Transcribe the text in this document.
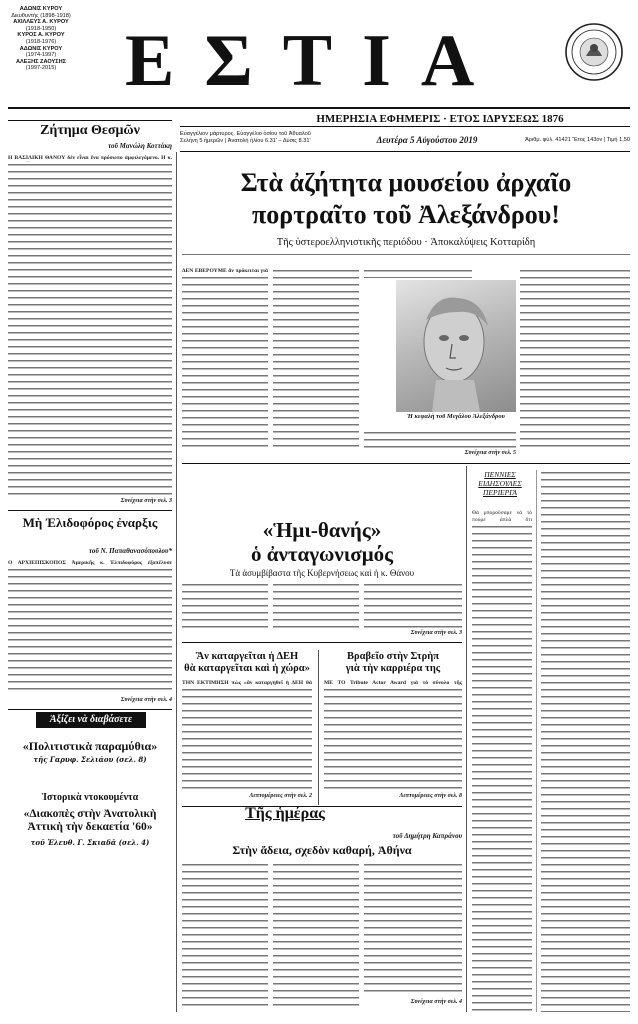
ΑΔΩΝΙΣ ΚΥΡΟΥ
Διευθυντής (1898-1918)
ΑΧΙΛΛΕΥΣ Α. ΚΥΡΟΥ
(1918-1950)
ΚΥΡΟΣ Α. ΚΥΡΟΥ
(1918-1976)
ΑΔΩΝΙΣ ΚΥΡΟΥ
(1974-1997)
ΑΛΕΞΗΣ ΖΑΟΥΣΗΣ
(1997-2015) ΕΣΤΙΑ
ΗΜΕΡΗΣΙΑ ΕΦΗΜΕΡΙΣ · ΕΤΟΣ ΙΔΡΥΣΕΩΣ 1876
Εὐαγγέλιον μάρτυρος. Εὐαγγέλιο ὁσίου τοῦ Ἀθυαλοῦ
Σελήνη 5 ἡμερῶν | Ἀνατολὴ ἡλίου 6.31' – Δύσις 8.31'	Δευτέρα 5 Αὐγούστου 2019	Ἀριθμ. φύλ. 41421 Ἔτος 143ον | Τιμή 1,50
Ζήτημα Θεσμῶν
τοῦ Μανώλη Κοττάκη
Η ΒΑΣΙΛΙΚΗ ΘΑΝΟΥ δὲν εἶναι ἕνα πρόσωπο ἀμφιλεγόμενο. Η κ.
Συνέχεια στὴν σελ. 3
Μὴ Ἐλιδοφόρος ἐναρξις
τοῦ Ν. Παπαθανασόπουλου*
Ο ΑΡΧΙΕΠΙΣΚΟΠΟΣ Ἀμερικῆς κ. Ἐλπιδοφόρος ἐξαπέλυσε
Συνέχεια στὴν σελ. 4
Ἀξίζει νὰ διαβάσετε
«Πολιτιστικὰ παραμύθια»
τῆς Γαρυφ. Σελιάου (σελ. 8)
Ἱστορικὰ ντοκουμέντα
«Διακοπὲς στὴν Ἀνατολικὴ Ἀττικὴ τὴν δεκαετία '60»
τοῦ Ἐλευθ. Γ. Σκιαδᾶ (σελ. 4)
Στὰ ἀζήτητα μουσείου ἀρχαῖο
πορτραῖτο τοῦ Ἀλεξάνδρου!
Τῆς ὑστεροελληνιστικῆς περιόδου · Ἀποκαλύψεις Κοτταρίδη
ΔΕΝ ΕΒΕΡΟΥΜΕ ἂν πρόκειται γιὰ
Ἡ κεφαλὴ τοῦ Μεγάλου Ἀλεξάνδρου
Συνέχεια στὴν σελ. 5
«Ἡμι-θανής»
ὁ ἀνταγωνισμός
Τὰ ἀσυμβίβαστα τῆς Κυβερνήσεως καὶ ἡ κ. Θάνου
Συνέχεια στὴν σελ. 3
Ἂν καταργεῖται ἡ ΔΕΗ
θὰ καταργεῖται καὶ ἡ χώρα»
ΤΗΝ ΕΚΤΙΜΗΣΗ πὼς «ἂν καταργηθεῖ ἡ ΔΕΗ θὰ
Λεπτομέρειες στὴν σελ. 2
Βραβεῖο στὴν Στρὴπ
γιὰ τὴν καρριέρα της
ΜΕ ΤΟ Tribute Actor Award γιὰ τὸ σύνολο τῆς
Λεπτομέρειες στὴν σελ. 8
ΠΕΝΝΙΕΣ ΕΙΔΗΣΟΥΛΕΣ ΠΕΡΙΕΡΓΑ
Θὰ μποροῦσαμε νὰ τὸ πούμε ἀπλὰ ὅτι
Τῆς ἡμέρας
τοῦ Δημήτρη Καπράνου
Στὴν ἄδεια, σχεδὸν καθαρή, Ἀθήνα
Συνέχεια στὴν σελ. 4
